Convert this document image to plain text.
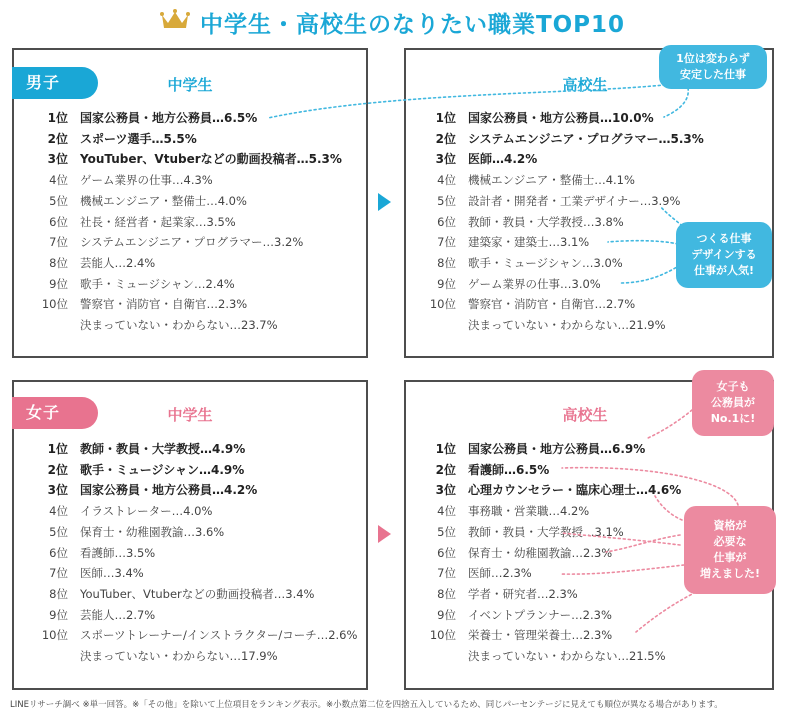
中学生・高校生のなりたい職業TOP10
男子
女子
中学生	高校生
中学生	高校生
1位 国家公務員・地方公務員…6.5%
2位 スポーツ選手…5.5%
3位 YouTuber、Vtuberなどの動画投稿者…5.3%
4位 ゲーム業界の仕事…4.3%
5位 機械エンジニア・整備士…4.0%
6位 社長・経営者・起業家…3.5%
7位 システムエンジニア・プログラマー…3.2%
8位 芸能人…2.4%
9位 歌手・ミュージシャン…2.4%
10位 警察官・消防官・自衛官…2.3%
決まっていない・わからない…23.7%
1位 国家公務員・地方公務員…10.0%
2位 システムエンジニア・プログラマー…5.3%
3位 医師…4.2%
4位 機械エンジニア・整備士…4.1%
5位 設計者・開発者・工業デザイナー…3.9%
6位 教師・教員・大学教授…3.8%
7位 建築家・建築士…3.1%
8位 歌手・ミュージシャン…3.0%
9位 ゲーム業界の仕事…3.0%
10位 警察官・消防官・自衛官…2.7%
決まっていない・わからない…21.9%
1位 教師・教員・大学教授…4.9%
2位 歌手・ミュージシャン…4.9%
3位 国家公務員・地方公務員…4.2%
4位 イラストレーター…4.0%
5位 保育士・幼稚園教諭…3.6%
6位 看護師…3.5%
7位 医師…3.4%
8位 YouTuber、Vtuberなどの動画投稿者…3.4%
9位 芸能人…2.7%
10位 スポーツトレーナー/インストラクター/コーチ…2.6%
決まっていない・わからない…17.9%
1位 国家公務員・地方公務員…6.9%
2位 看護師…6.5%
3位 心理カウンセラー・臨床心理士…4.6%
4位 事務職・営業職…4.2%
5位 教師・教員・大学教授…3.1%
6位 保育士・幼稚園教諭…2.3%
7位 医師…2.3%
8位 学者・研究者…2.3%
9位 イベントプランナー…2.3%
10位 栄養士・管理栄養士…2.3%
決まっていない・わからない…21.5%
1位は変わらず
安定した仕事
つくる仕事
デザインする
仕事が人気!
女子も
公務員が
No.1に!
資格が
必要な
仕事が
増えました!
LINEリサーチ調べ ※単一回答。※「その他」を除いて上位項目をランキング表示。※小数点第二位を四捨五入しているため、同じパーセンテージに見えても順位が異なる場合があります。
